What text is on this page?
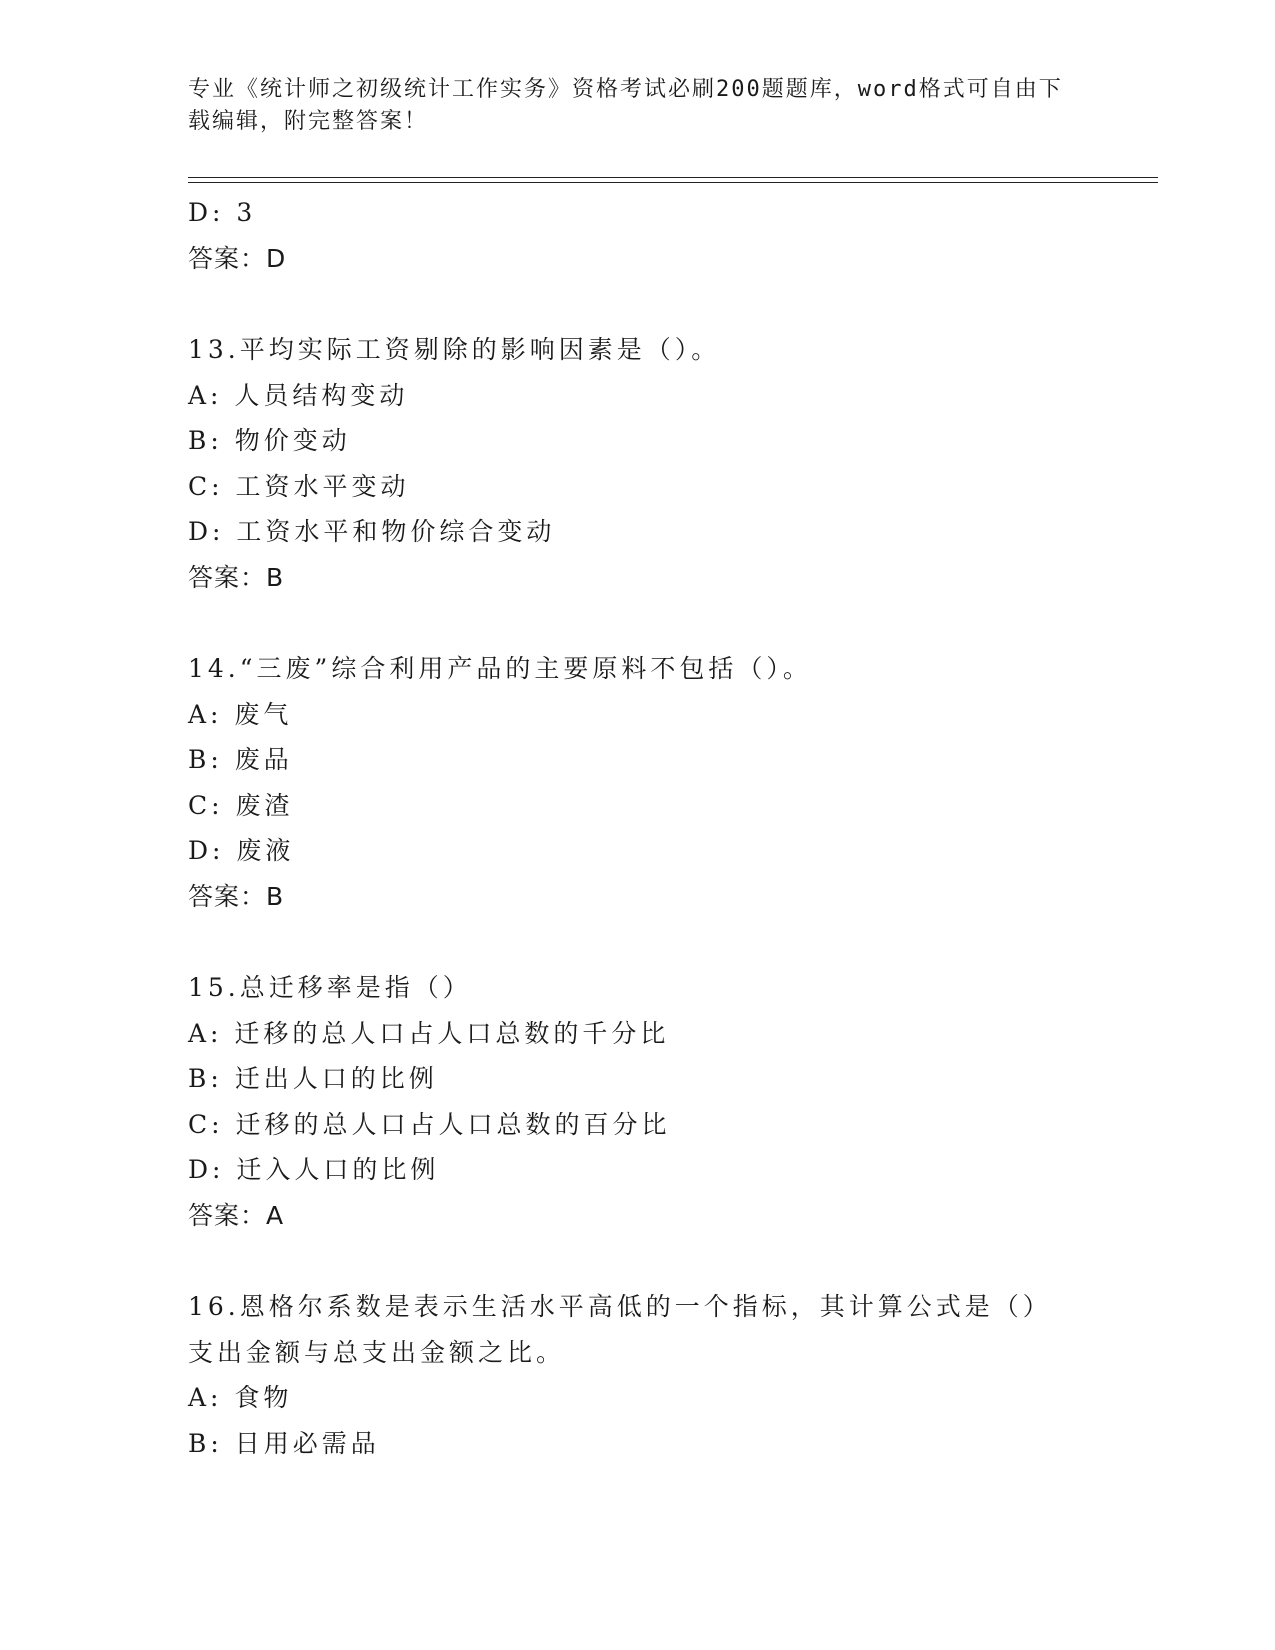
专业《统计师之初级统计工作实务》资格考试必刷200题题库，word格式可自由下载编辑，附完整答案！
D: 3
答案：D
13.平均实际工资剔除的影响因素是（）。
A: 人员结构变动
B: 物价变动
C: 工资水平变动
D: 工资水平和物价综合变动
答案：B
14.“三废”综合利用产品的主要原料不包括（）。
A: 废气
B: 废品
C: 废渣
D: 废液
答案：B
15.总迁移率是指（）
A: 迁移的总人口占人口总数的千分比
B: 迁出人口的比例
C: 迁移的总人口占人口总数的百分比
D: 迁入人口的比例
答案：A
16.恩格尔系数是表示生活水平高低的一个指标，其计算公式是（）支出金额与总支出金额之比。
A: 食物
B: 日用必需品
